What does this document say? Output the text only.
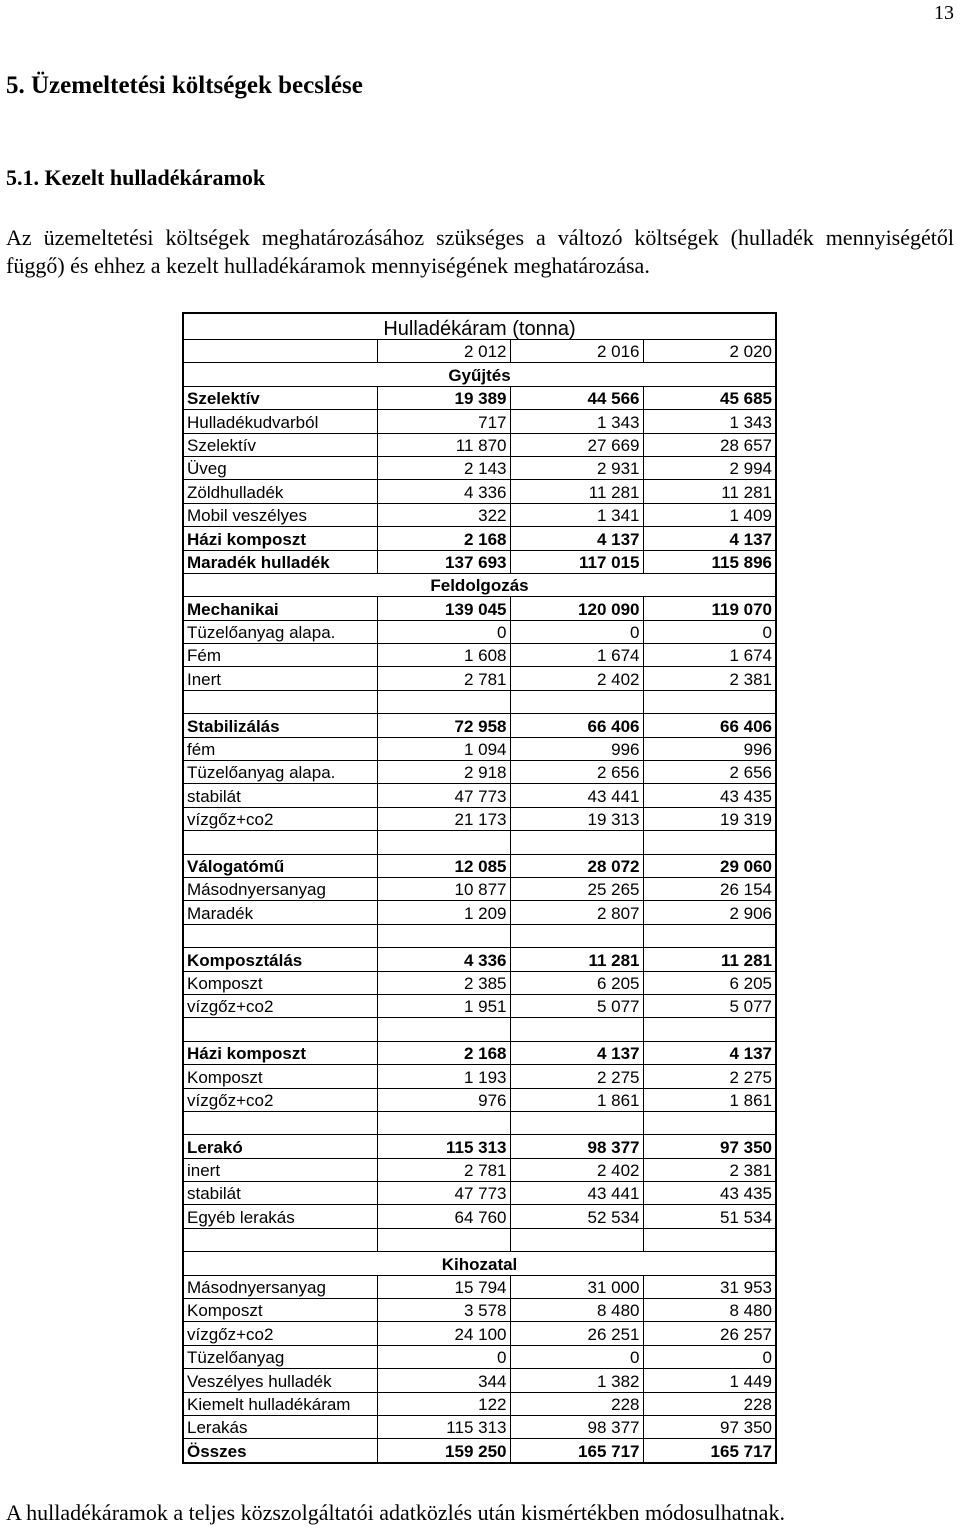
13
5. Üzemeltetési költségek becslése
5.1. Kezelt hulladékáramok
Az üzemeltetési költségek meghatározásához szükséges a változó költségek (hulladék mennyiségétől függő) és ehhez a kezelt hulladékáramok mennyiségének meghatározása.
Hulladékáram (tonna)			
	2 012	2 016	2 020
Gyűjtés			
Szelektív	19 389	44 566	45 685
Hulladékudvarból	717	1 343	1 343
Szelektív	11 870	27 669	28 657
Üveg	2 143	2 931	2 994
Zöldhulladék	4 336	11 281	11 281
Mobil veszélyes	322	1 341	1 409
Házi komposzt	2 168	4 137	4 137
Maradék hulladék	137 693	117 015	115 896
Feldolgozás			
Mechanikai	139 045	120 090	119 070
Tüzelőanyag alapa.	0	0	0
Fém	1 608	1 674	1 674
Inert	2 781	2 402	2 381

Stabilizálás	72 958	66 406	66 406
fém	1 094	996	996
Tüzelőanyag alapa.	2 918	2 656	2 656
stabilát	47 773	43 441	43 435
vízgőz+co2	21 173	19 313	19 319

Válogatómű	12 085	28 072	29 060
Másodnyersanyag	10 877	25 265	26 154
Maradék	1 209	2 807	2 906

Komposztálás	4 336	11 281	11 281
Komposzt	2 385	6 205	6 205
vízgőz+co2	1 951	5 077	5 077

Házi komposzt	2 168	4 137	4 137
Komposzt	1 193	2 275	2 275
vízgőz+co2	976	1 861	1 861

Lerakó	115 313	98 377	97 350
inert	2 781	2 402	2 381
stabilát	47 773	43 441	43 435
Egyéb lerakás	64 760	52 534	51 534

Kihozatal			
Másodnyersanyag	15 794	31 000	31 953
Komposzt	3 578	8 480	8 480
vízgőz+co2	24 100	26 251	26 257
Tüzelőanyag	0	0	0
Veszélyes hulladék	344	1 382	1 449
Kiemelt hulladékáram	122	228	228
Lerakás	115 313	98 377	97 350
Összes	159 250	165 717	165 717
A hulladékáramok a teljes közszolgáltatói adatközlés után kismértékben módosulhatnak.
